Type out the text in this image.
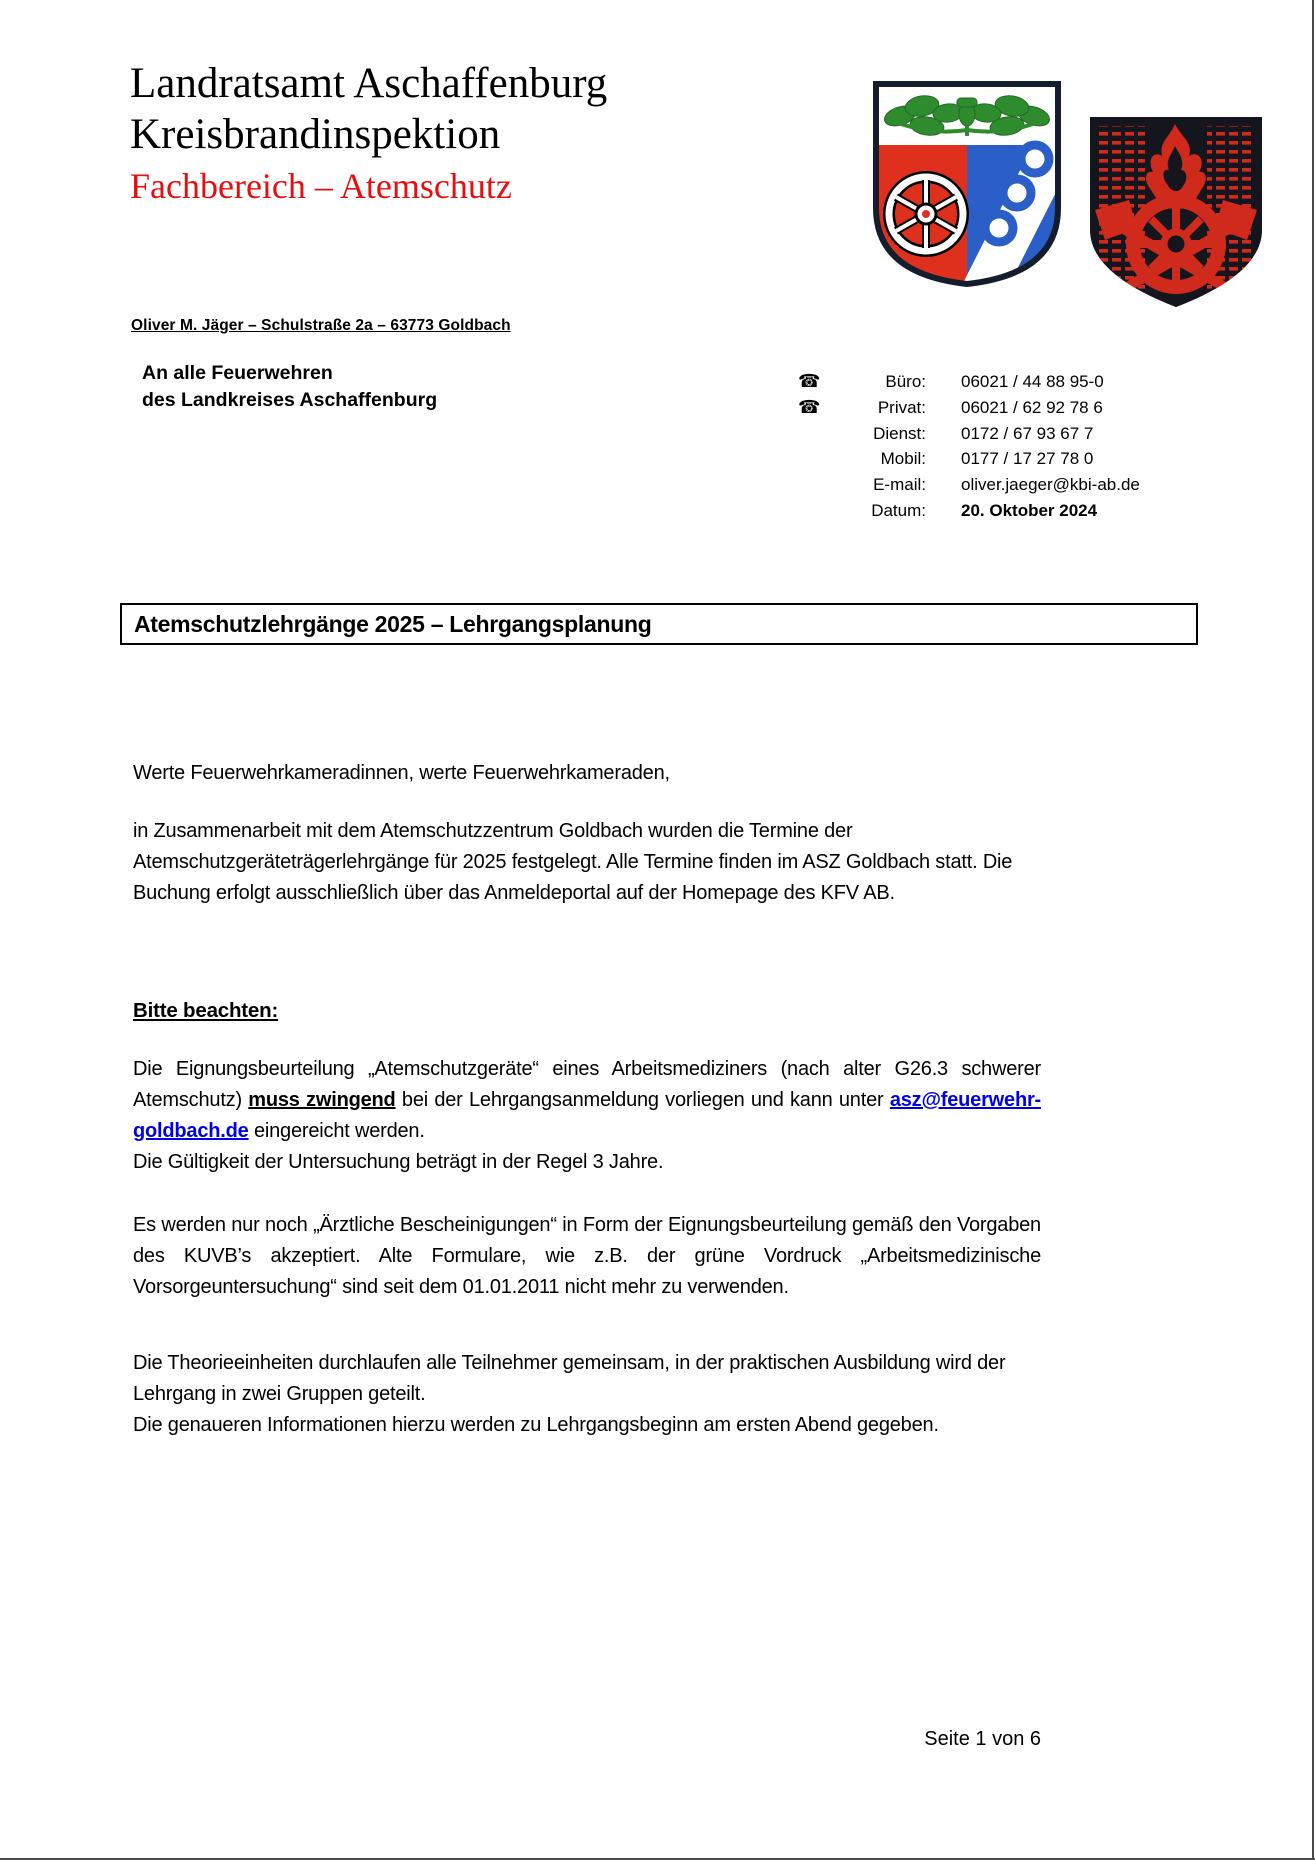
Landratsamt Aschaffenburg
Kreisbrandinspektion
Fachbereich – Atemschutz
Oliver M. Jäger – Schulstraße 2a – 63773 Goldbach
An alle Feuerwehren
des Landkreises Aschaffenburg
☎	Büro:	06021 / 44 88 95-0
☎	Privat:	06021 / 62 92 78 6
Dienst:	0172 / 67 93 67 7
Mobil:	0177 / 17 27 78 0
E-mail:	oliver.jaeger@kbi-ab.de
Datum:	20. Oktober 2024
Atemschutzlehrgänge 2025 – Lehrgangsplanung
Werte Feuerwehrkameradinnen, werte Feuerwehrkameraden,

in Zusammenarbeit mit dem Atemschutzzentrum Goldbach wurden die Termine der Atemschutzgeräteträgerlehrgänge für 2025 festgelegt. Alle Termine finden im ASZ Goldbach statt. Die Buchung erfolgt ausschließlich über das Anmeldeportal auf der Homepage des KFV AB.

Bitte beachten:

Die Eignungsbeurteilung „Atemschutzgeräte“ eines Arbeitsmediziners (nach alter G26.3 schwerer Atemschutz) muss zwingend bei der Lehrgangsanmeldung vorliegen und kann unter asz@feuerwehr-goldbach.de eingereicht werden.

Die Gültigkeit der Untersuchung beträgt in der Regel 3 Jahre.

Es werden nur noch „Ärztliche Bescheinigungen“ in Form der Eignungsbeurteilung gemäß den Vorgaben des KUVB’s akzeptiert. Alte Formulare, wie z.B. der grüne Vordruck „Arbeitsmedizinische Vorsorgeuntersuchung“ sind seit dem 01.01.2011 nicht mehr zu verwenden.

Die Theorieeinheiten durchlaufen alle Teilnehmer gemeinsam, in der praktischen Ausbildung wird der Lehrgang in zwei Gruppen geteilt.
Die genaueren Informationen hierzu werden zu Lehrgangsbeginn am ersten Abend gegeben.
Seite 1 von 6
